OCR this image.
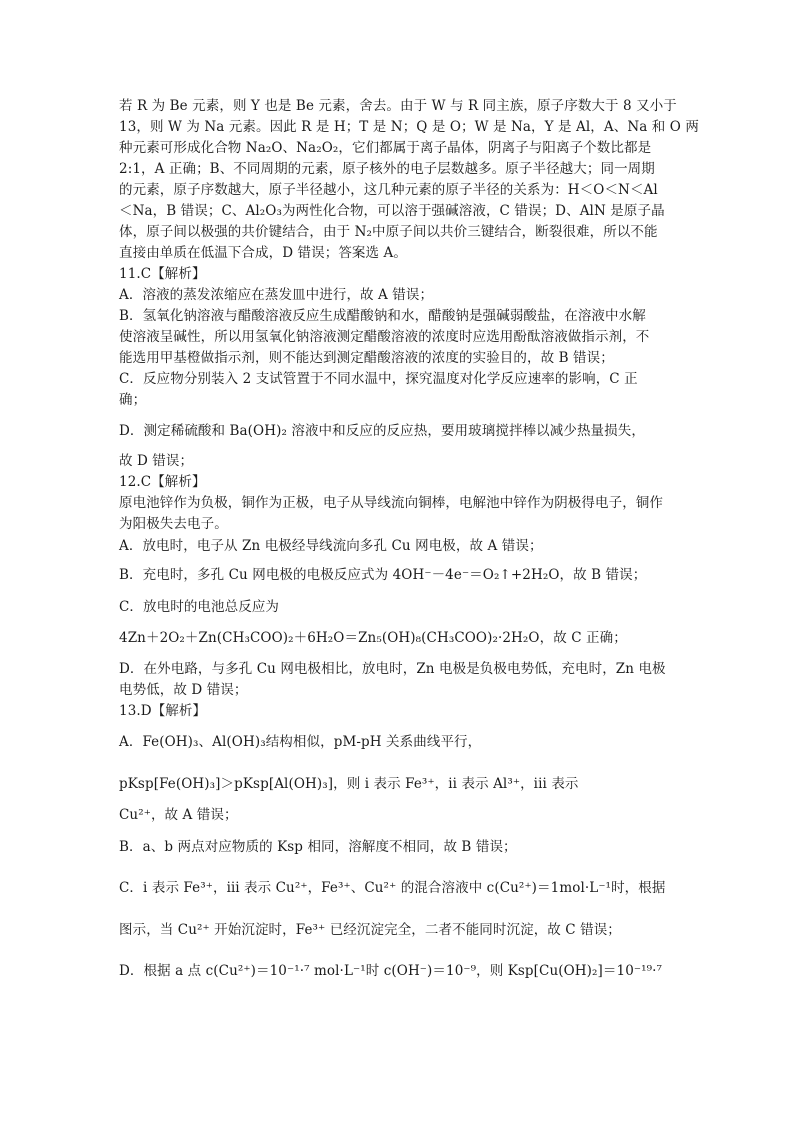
若 R 为 Be 元素，则 Y 也是 Be 元素，舍去。由于 W 与 R 同主族，原子序数大于 8 又小于
13，则 W 为 Na 元素。因此 R 是 H；T 是 N；Q 是 O；W 是 Na，Y 是 Al，A、Na 和 O 两
种元素可形成化合物 Na₂O、Na₂O₂，它们都属于离子晶体，阴离子与阳离子个数比都是
2:1，A 正确；B、不同周期的元素，原子核外的电子层数越多。原子半径越大；同一周期
的元素，原子序数越大，原子半径越小，这几种元素的原子半径的关系为：H＜O＜N＜Al
＜Na，B 错误；C、Al₂O₃为两性化合物，可以溶于强碱溶液，C 错误；D、AlN 是原子晶
体，原子间以极强的共价键结合，由于 N₂中原子间以共价三键结合，断裂很难，所以不能
直接由单质在低温下合成，D 错误；答案选 A。
11.C【解析】
A．溶液的蒸发浓缩应在蒸发皿中进行，故 A 错误；
B．氢氧化钠溶液与醋酸溶液反应生成醋酸钠和水，醋酸钠是强碱弱酸盐，在溶液中水解
使溶液呈碱性，所以用氢氧化钠溶液测定醋酸溶液的浓度时应选用酚酞溶液做指示剂，不
能选用甲基橙做指示剂，则不能达到测定醋酸溶液的浓度的实验目的，故 B 错误；
C．反应物分别装入 2 支试管置于不同水温中，探究温度对化学反应速率的影响，C 正
确；
D．测定稀硫酸和 Ba(OH)₂ 溶液中和反应的反应热，要用玻璃搅拌棒以减少热量损失，
故 D 错误；
12.C【解析】
原电池锌作为负极，铜作为正极，电子从导线流向铜棒，电解池中锌作为阴极得电子，铜作
为阳极失去电子。
A．放电时，电子从 Zn 电极经导线流向多孔 Cu 网电极，故 A 错误；
B．充电时，多孔 Cu 网电极的电极反应式为 4OH⁻－4e⁻＝O₂↑+2H₂O，故 B 错误；
C．放电时的电池总反应为
4Zn＋2O₂＋Zn(CH₃COO)₂＋6H₂O＝Zn₅(OH)₈(CH₃COO)₂·2H₂O，故 C 正确；
D．在外电路，与多孔 Cu 网电极相比，放电时，Zn 电极是负极电势低，充电时，Zn 电极
电势低，故 D 错误；
13.D【解析】
A．Fe(OH)₃、Al(OH)₃结构相似，pM-pH 关系曲线平行，
pKsp[Fe(OH)₃]＞pKsp[Al(OH)₃]，则 ⅰ 表示 Fe³⁺，ⅰⅰ 表示 Al³⁺，ⅰⅰⅰ 表示
Cu²⁺，故 A 错误；
B．a、b 两点对应物质的 Ksp 相同，溶解度不相同，故 B 错误；
C．ⅰ 表示 Fe³⁺，ⅲ 表示 Cu²⁺，Fe³⁺、Cu²⁺ 的混合溶液中 c(Cu²⁺)＝1mol·L⁻¹时，根据
图示，当 Cu²⁺ 开始沉淀时，Fe³⁺ 已经沉淀完全，二者不能同时沉淀，故 C 错误；
D．根据 a 点 c(Cu²⁺)＝10⁻¹·⁷ mol·L⁻¹时 c(OH⁻)＝10⁻⁹，则 Ksp[Cu(OH)₂]＝10⁻¹⁹·⁷
